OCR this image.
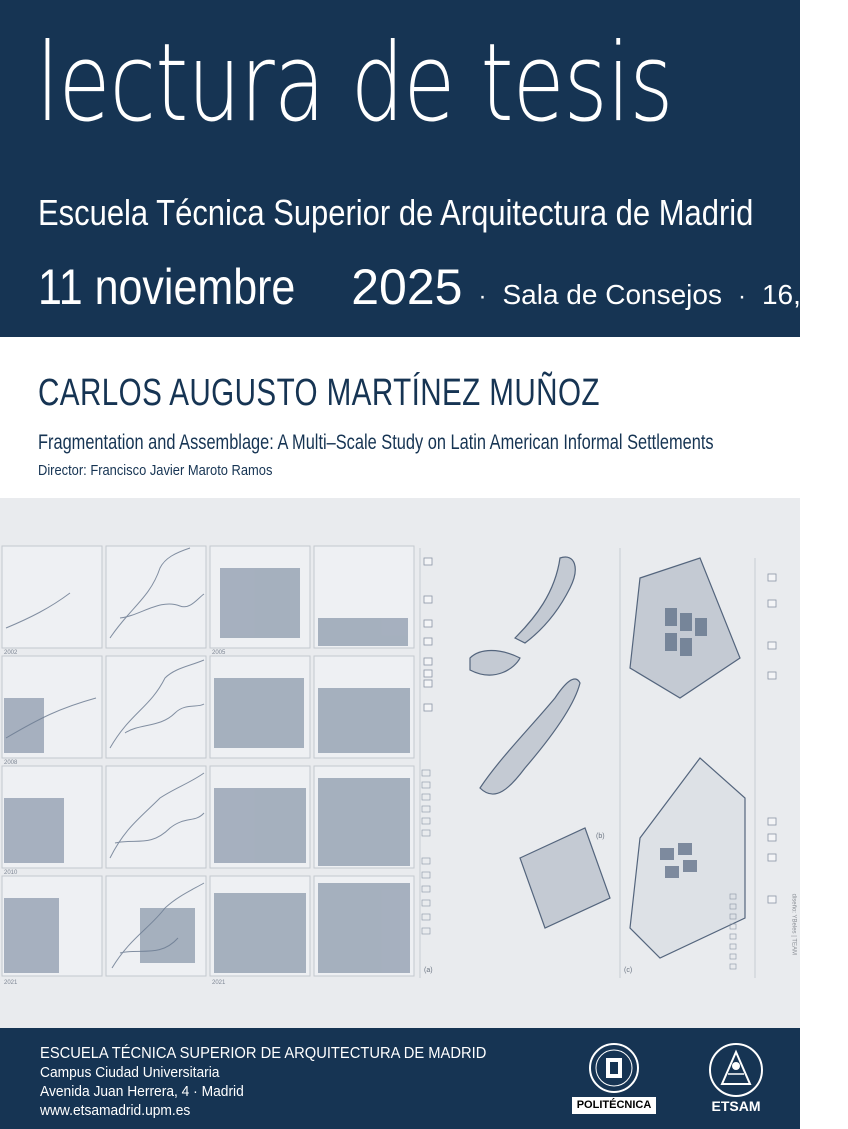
lectura de tesis
Escuela Técnica Superior de Arquitectura de Madrid
11 noviembre 2025 · Sala de Consejos · 16,00h
CARLOS AUGUSTO MARTÍNEZ MUÑOZ
Fragmentation and Assemblage: A Multi–Scale Study on Latin American Informal Settlements
Director: Francisco Javier Maroto Ramos
2002	2005
2008
2010
2021	2021
(a)
(b)
(c)
diseño: YBeles | TEAM
ESCUELA TÉCNICA SUPERIOR DE ARQUITECTURA DE MADRID
Campus Ciudad Universitaria
Avenida Juan Herrera, 4 · Madrid
www.etsamadrid.upm.es	POLITÉCNICA	ETSAM
